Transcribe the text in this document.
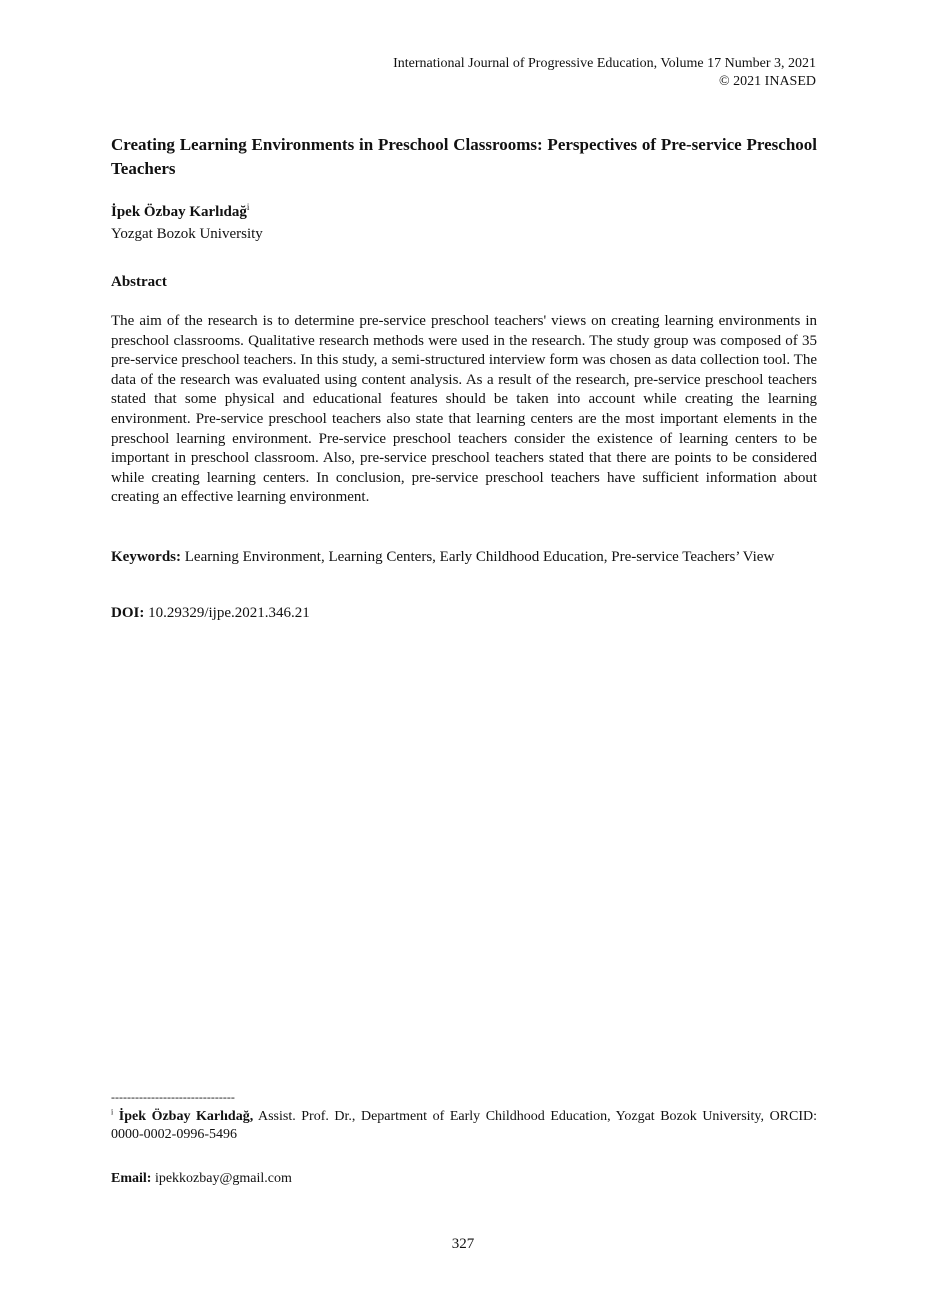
International Journal of Progressive Education, Volume 17 Number 3, 2021
© 2021 INASED
Creating Learning Environments in Preschool Classrooms: Perspectives of Pre-service Preschool Teachers
İpek Özbay Karlıdağ$^i$
Yozgat Bozok University
Abstract
The aim of the research is to determine pre-service preschool teachers' views on creating learning environments in preschool classrooms. Qualitative research methods were used in the research. The study group was composed of 35 pre-service preschool teachers. In this study, a semi-structured interview form was chosen as data collection tool. The data of the research was evaluated using content analysis. As a result of the research, pre-service preschool teachers stated that some physical and educational features should be taken into account while creating the learning environment. Pre-service preschool teachers also state that learning centers are the most important elements in the preschool learning environment. Pre-service preschool teachers consider the existence of learning centers to be important in preschool classroom. Also, pre-service preschool teachers stated that there are points to be considered while creating learning centers. In conclusion, pre-service preschool teachers have sufficient information about creating an effective learning environment.
Keywords: Learning Environment, Learning Centers, Early Childhood Education, Pre-service Teachers’ View
DOI: 10.29329/ijpe.2021.346.21
-------------------------------
$^i$ İpek Özbay Karlıdağ, Assist. Prof. Dr., Department of Early Childhood Education, Yozgat Bozok University, ORCID: 0000-0002-0996-5496
Email: ipekkozbay@gmail.com
327
